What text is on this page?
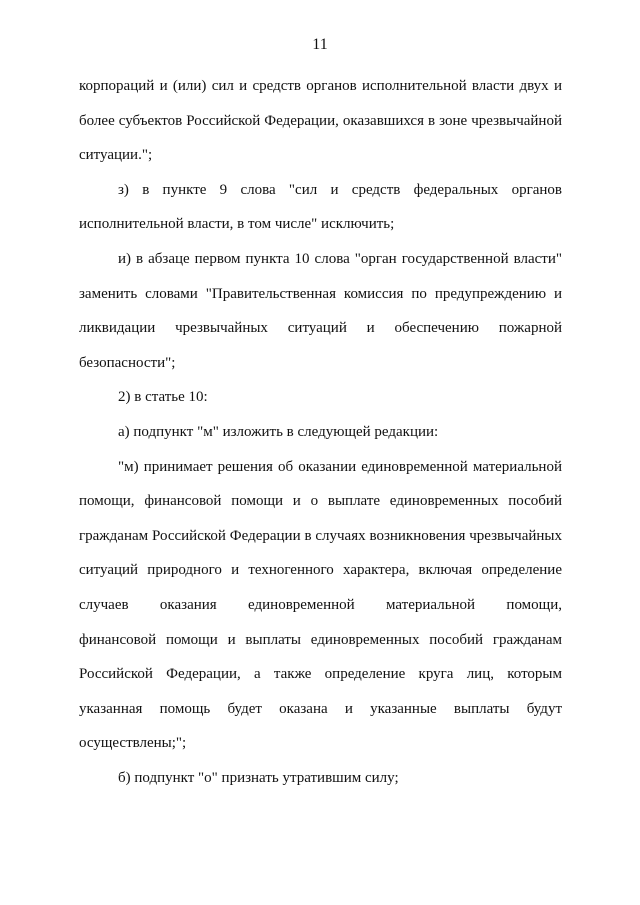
11
корпораций и (или) сил и средств органов исполнительной власти двух и
более субъектов Российской Федерации, оказавшихся в зоне чрезвычайной
ситуации.";
з) в пункте 9 слова "сил и средств федеральных органов
исполнительной власти, в том числе" исключить;
и) в абзаце первом пункта 10 слова "орган государственной власти"
заменить словами "Правительственная комиссия по предупреждению и
ликвидации чрезвычайных ситуаций и обеспечению пожарной
безопасности";
2) в статье 10:
а) подпункт "м" изложить в следующей редакции:
"м) принимает решения об оказании единовременной материальной
помощи, финансовой помощи и о выплате единовременных пособий
гражданам Российской Федерации в случаях возникновения чрезвычайных
ситуаций природного и техногенного характера, включая определение
случаев оказания единовременной материальной помощи,
финансовой помощи и выплаты единовременных пособий гражданам
Российской Федерации, а также определение круга лиц, которым
указанная помощь будет оказана и указанные выплаты будут
осуществлены;";
б) подпункт "о" признать утратившим силу;
